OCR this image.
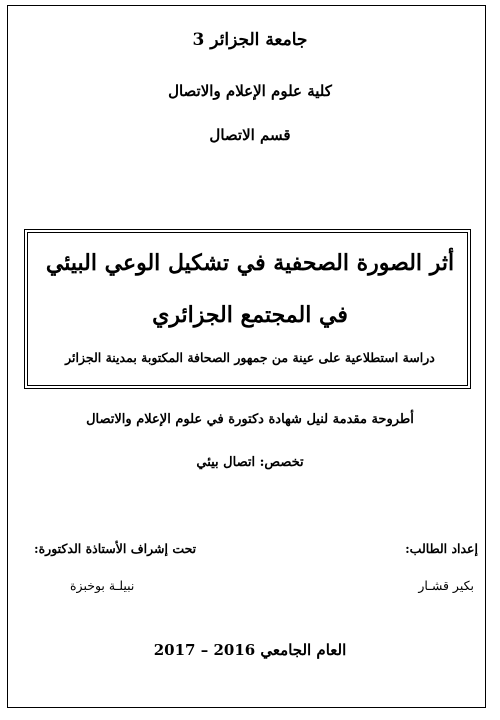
جامعة الجزائر 3
كلية علوم الإعلام والاتصال
قسم الاتصال
أثر الصورة الصحفية في تشكيل الوعي البيئي
في المجتمع الجزائري
دراسة استطلاعية على عينة من جمهور الصحافة المكتوبة بمدينة الجزائر
أطروحة مقدمة لنيل شهادة دكتورة في علوم الإعلام والاتصال
تخصص: اتصال بيئي
إعداد الطالب:
بكير قشـار
تحت إشراف الأستاذة الدكتورة:
نبيلـة بوخبزة
العام الجامعي 2016 – 2017
